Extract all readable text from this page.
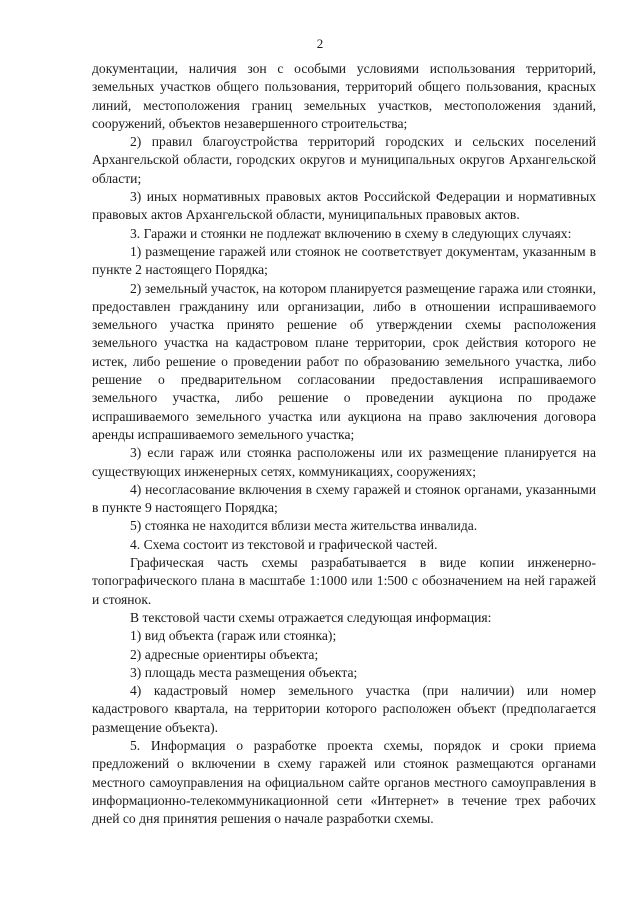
2

документации, наличия зон с особыми условиями использования территорий, земельных участков общего пользования, территорий общего пользования, красных линий, местоположения границ земельных участков, местоположения зданий, сооружений, объектов незавершенного строительства;

2) правил благоустройства территорий городских и сельских поселений Архангельской области, городских округов и муниципальных округов Архангельской области;

3) иных нормативных правовых актов Российской Федерации и нормативных правовых актов Архангельской области, муниципальных правовых актов.

3. Гаражи и стоянки не подлежат включению в схему в следующих случаях:

1) размещение гаражей или стоянок не соответствует документам, указанным в пункте 2 настоящего Порядка;

2) земельный участок, на котором планируется размещение гаража или стоянки, предоставлен гражданину или организации, либо в отношении испрашиваемого земельного участка принято решение об утверждении схемы расположения земельного участка на кадастровом плане территории, срок действия которого не истек, либо решение о проведении работ по образованию земельного участка, либо решение о предварительном согласовании предоставления испрашиваемого земельного участка, либо решение о проведении аукциона по продаже испрашиваемого земельного участка или аукциона на право заключения договора аренды испрашиваемого земельного участка;

3) если гараж или стоянка расположены или их размещение планируется на существующих инженерных сетях, коммуникациях, сооружениях;

4) несогласование включения в схему гаражей и стоянок органами, указанными в пункте 9 настоящего Порядка;

5) стоянка не находится вблизи места жительства инвалида.

4. Схема состоит из текстовой и графической частей.

Графическая часть схемы разрабатывается в виде копии инженерно-топографического плана в масштабе 1:1000 или 1:500 с обозначением на ней гаражей и стоянок.

В текстовой части схемы отражается следующая информация:

1) вид объекта (гараж или стоянка);

2) адресные ориентиры объекта;

3) площадь места размещения объекта;

4) кадастровый номер земельного участка (при наличии) или номер кадастрового квартала, на территории которого расположен объект (предполагается размещение объекта).

5. Информация о разработке проекта схемы, порядок и сроки приема предложений о включении в схему гаражей или стоянок размещаются органами местного самоуправления на официальном сайте органов местного самоуправления в информационно-телекоммуникационной сети «Интернет» в течение трех рабочих дней со дня принятия решения о начале разработки схемы.
